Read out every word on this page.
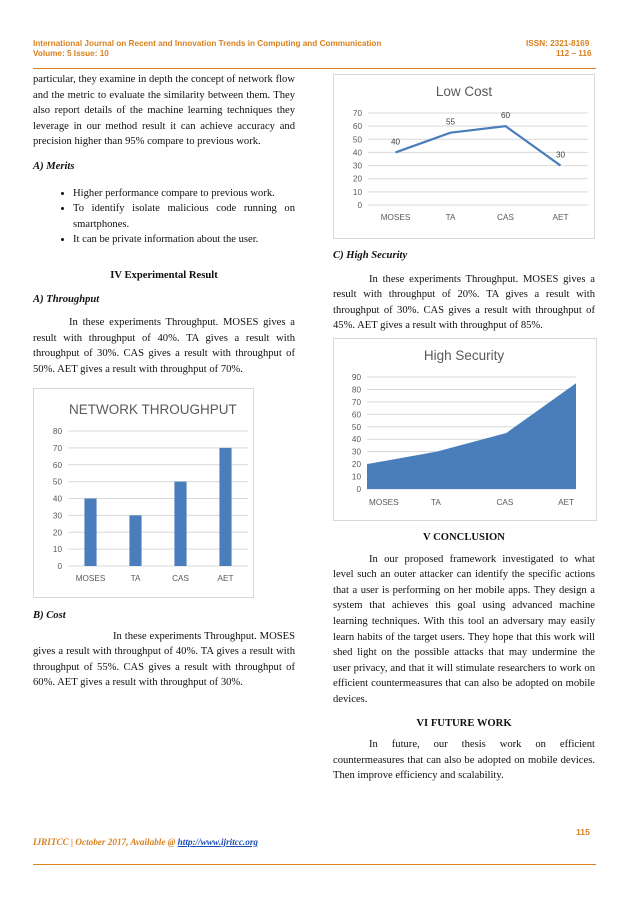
International Journal on Recent and Innovation Trends in Computing and Communication	ISSN: 2321-8169
Volume: 5 Issue: 10	112 – 116

particular, they examine in depth the concept of network flow and the metric to evaluate the similarity between them. They also report details of the machine learning techniques they leverage in our method result it can achieve accuracy and precision higher than 95% compare to previous work.

A) Merits

• Higher performance compare to previous work.
• To identify isolate malicious code running on smartphones.
• It can be private information about the user.

IV Experimental Result

A) Throughput

In these experiments Throughput. MOSES gives a result with throughput of 40%. TA gives a result with throughput of 30%. CAS gives a result with throughput of 50%. AET gives a result with throughput of 70%.

NETWORK THROUGHPUT
0
10
20
30
40
50
60
70
80
MOSES	TA	CAS	AET

B) Cost

In these experiments Throughput. MOSES gives a result with throughput of 40%. TA gives a result with throughput of 55%. CAS gives a result with throughput of 60%. AET gives a result with throughput of 30%.

Low Cost
0
10
20
30
40
50
60
70
MOSES	TA	CAS	AET
40
55
60
30

C) High Security

In these experiments Throughput. MOSES gives a result with throughput of 20%. TA gives a result with throughput of 30%. CAS gives a result with throughput of 45%. AET gives a result with throughput of 85%.

High Security
0
10
20
30
40
50
60
70
80
90
MOSES	TA	CAS	AET

V CONCLUSION

In our proposed framework investigated to what level such an outer attacker can identify the specific actions that a user is performing on her mobile apps. They design a system that achieves this goal using advanced machine learning techniques. With this tool an adversary may easily learn habits of the target users. They hope that this work will shed light on the possible attacks that may undermine the user privacy, and that it will stimulate researchers to work on efficient countermeasures that can also be adopted on mobile devices.

VI FUTURE WORK

In future, our thesis work on efficient countermeasures that can also be adopted on mobile devices. Then improve efficiency and scalability.

115
IJRITCC | October 2017, Available @ http://www.ijritcc.org
